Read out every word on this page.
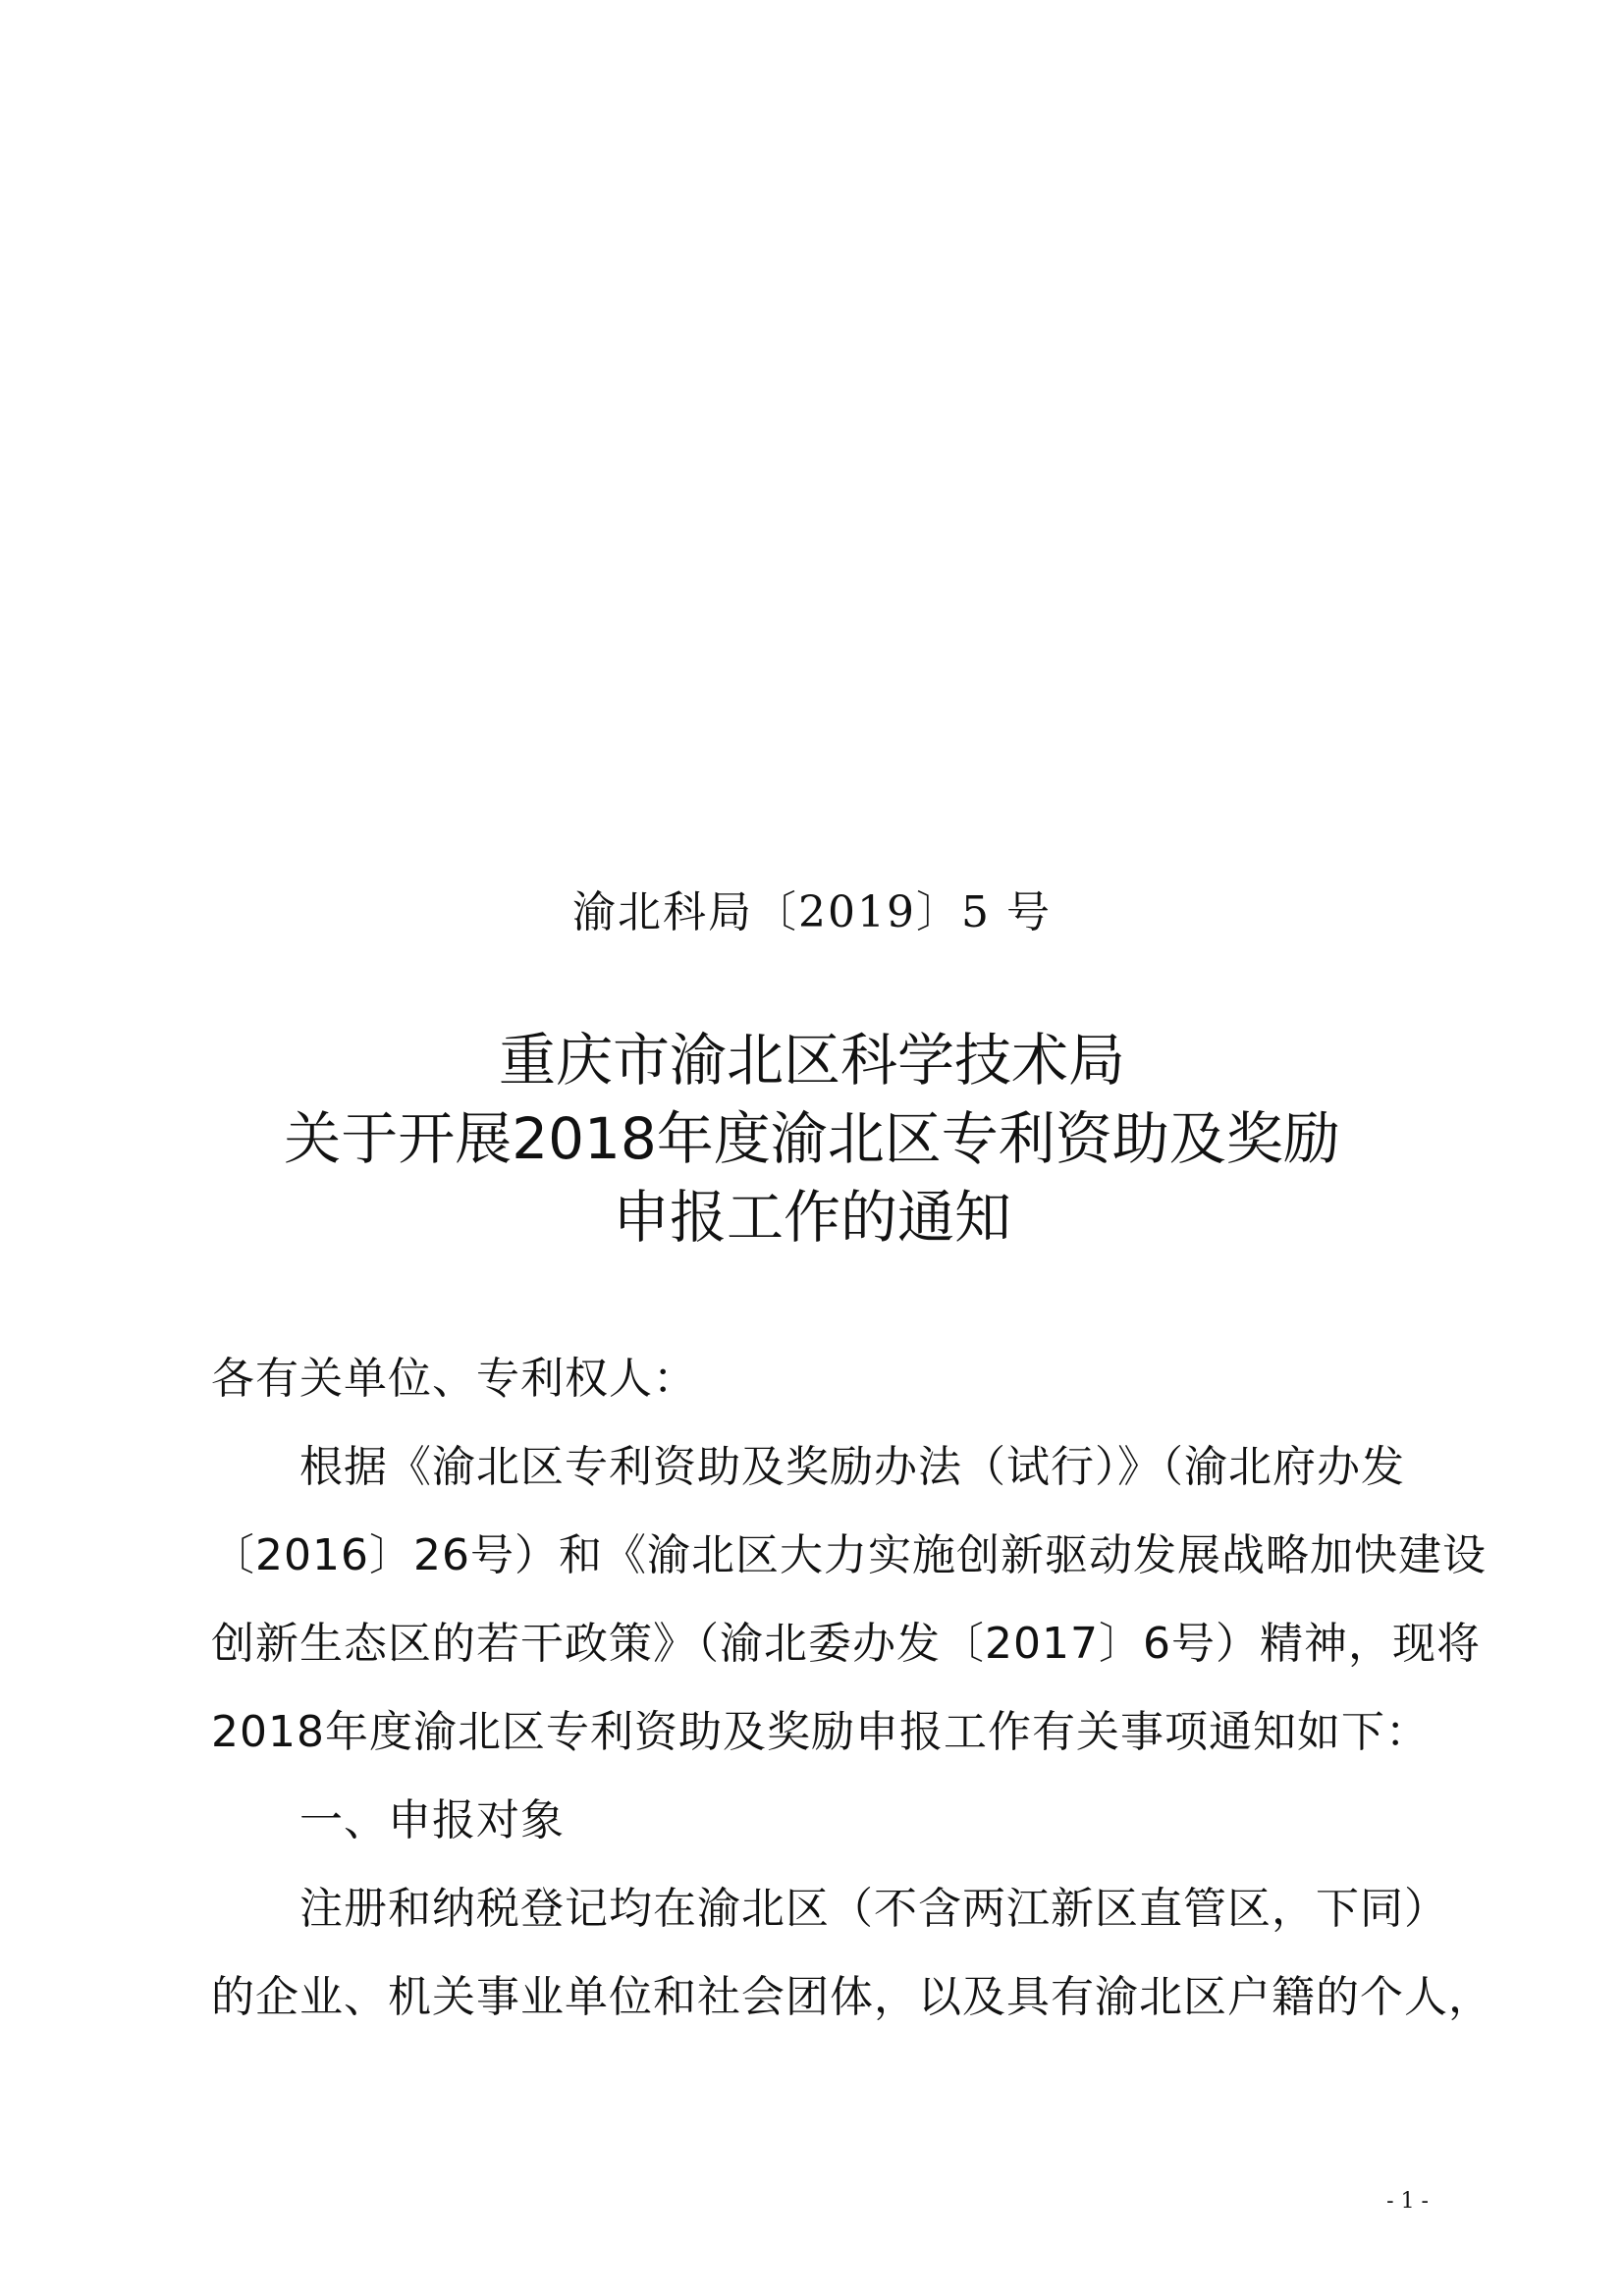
渝北科局〔2019〕5 号
重庆市渝北区科学技术局
关于开展2018年度渝北区专利资助及奖励
申报工作的通知
各有关单位、专利权人：
根据《渝北区专利资助及奖励办法（试行）》（渝北府办发
〔2016〕26号）和《渝北区大力实施创新驱动发展战略加快建设
创新生态区的若干政策》（渝北委办发〔2017〕6号）精神，现将
2018年度渝北区专利资助及奖励申报工作有关事项通知如下：
一、申报对象
注册和纳税登记均在渝北区（不含两江新区直管区，下同）
的企业、机关事业单位和社会团体，以及具有渝北区户籍的个人，
- 1 -
